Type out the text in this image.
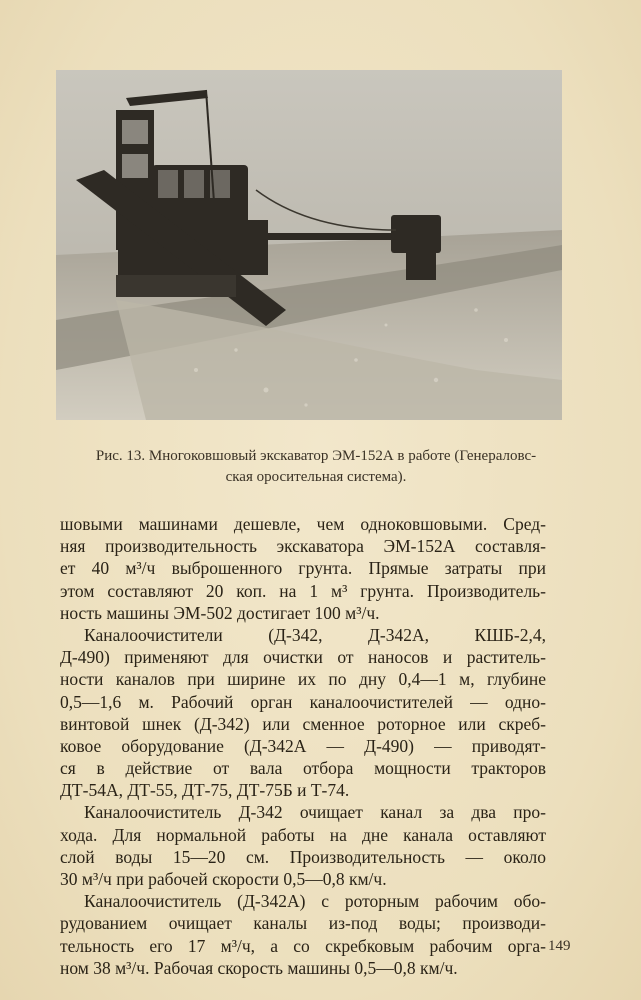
Рис. 13. Многоковшовый экскаватор ЭМ-152А в работе (Генераловс-
ская оросительная система).
шовыми машинами дешевле, чем одноковшовыми. Сред-
няя производительность экскаватора ЭМ-152А составля-
ет 40 м³/ч выброшенного грунта. Прямые затраты при
этом составляют 20 коп. на 1 м³ грунта. Производитель-
ность машины ЭМ-502 достигает 100 м³/ч.
Каналоочистители (Д-342, Д-342А, КШБ-2,4,
Д-490) применяют для очистки от наносов и раститель-
ности каналов при ширине их по дну 0,4—1 м, глубине
0,5—1,6 м. Рабочий орган каналоочистителей — одно-
винтовой шнек (Д-342) или сменное роторное или скреб-
ковое оборудование (Д-342А — Д-490) — приводят-
ся в действие от вала отбора мощности тракторов
ДТ-54А, ДТ-55, ДТ-75, ДТ-75Б и Т-74.
Каналоочиститель Д-342 очищает канал за два про-
хода. Для нормальной работы на дне канала оставляют
слой воды 15—20 см. Производительность — около
30 м³/ч при рабочей скорости 0,5—0,8 км/ч.
Каналоочиститель (Д-342А) с роторным рабочим обо-
рудованием очищает каналы из-под воды; производи-
тельность его 17 м³/ч, а со скребковым рабочим орга-
ном 38 м³/ч. Рабочая скорость машины 0,5—0,8 км/ч.
149
